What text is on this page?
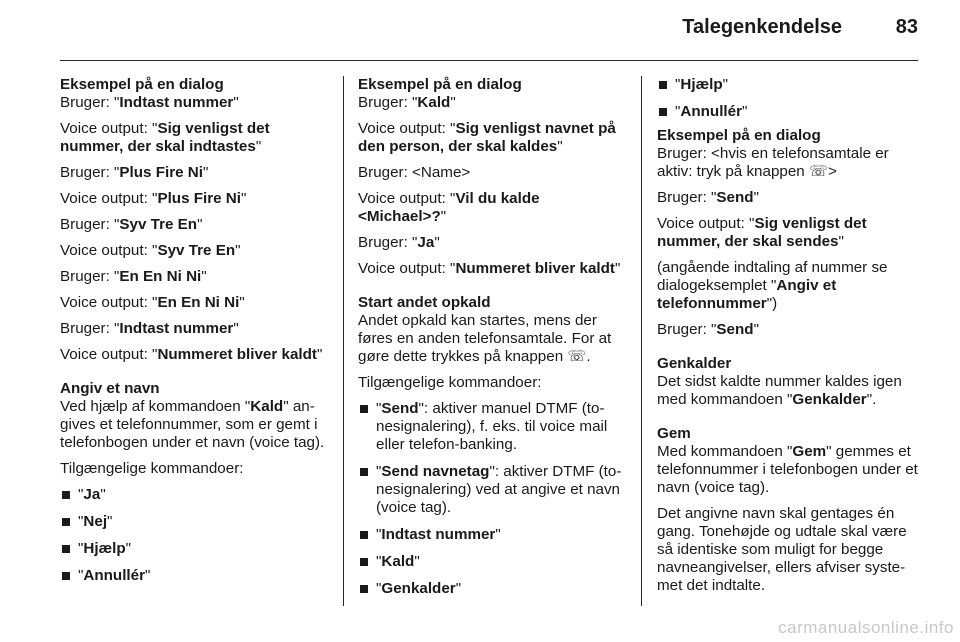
Talegenkendelse	83
Eksempel på en dialog
Bruger: "Indtast nummer"
Voice output: "Sig venligst det nummer, der skal indtastes"
Bruger: "Plus Fire Ni"
Voice output: "Plus Fire Ni"
Bruger: "Syv Tre En"
Voice output: "Syv Tre En"
Bruger: "En En Ni Ni"
Voice output: "En En Ni Ni"
Bruger: "Indtast nummer"
Voice output: "Nummeret bliver kaldt"
Angiv et navn
Ved hjælp af kommandoen "Kald" angives et telefonnummer, som er gemt i telefonbogen under et navn (voice tag).
Tilgængelige kommandoer:
"Ja"
"Nej"
"Hjælp"
"Annullér"
Eksempel på en dialog
Bruger: "Kald"
Voice output: "Sig venligst navnet på den person, der skal kaldes"
Bruger: <Name>
Voice output: "Vil du kalde <Michael>?"
Bruger: "Ja"
Voice output: "Nummeret bliver kaldt"
Start andet opkald
Andet opkald kan startes, mens der føres en anden telefonsamtale. For at gøre dette trykkes på knappen ☏.
Tilgængelige kommandoer:
"Send": aktiver manuel DTMF (tonesignalering), f. eks. til voice mail eller telefon-banking.
"Send navnetag": aktiver DTMF (tonesignalering) ved at angive et navn (voice tag).
"Indtast nummer"
"Kald"
"Genkalder"
"Hjælp"
"Annullér"
Eksempel på en dialog
Bruger: <hvis en telefonsamtale er aktiv: tryk på knappen ☏>
Bruger: "Send"
Voice output: "Sig venligst det nummer, der skal sendes"
(angående indtaling af nummer se dialogeksemplet "Angiv et telefonnummer")
Bruger: "Send"
Genkalder
Det sidst kaldte nummer kaldes igen med kommandoen "Genkalder".
Gem
Med kommandoen "Gem" gemmes et telefonnummer i telefonbogen under et navn (voice tag).
Det angivne navn skal gentages én gang. Tonehøjde og udtale skal være så identiske som muligt for begge navneangivelser, ellers afviser systemet det indtalte.
carmanualsonline.info
